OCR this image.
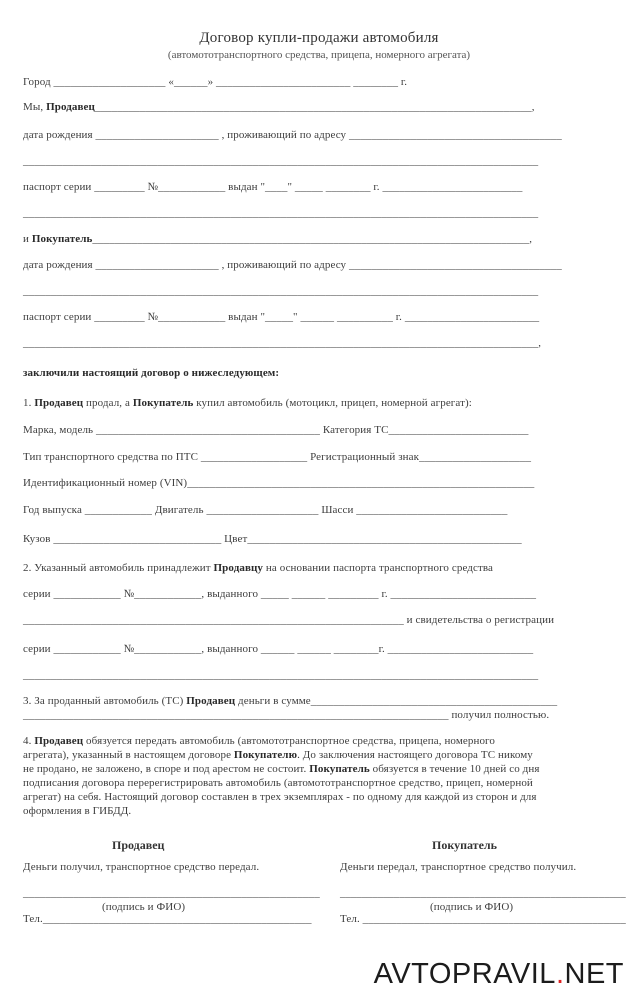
Договор купли-продажи автомобиля
(автомототранспортного средства, прицепа, номерного агрегата)
Город ____________________ «______» ________________________ ________ г.
Мы, Продавец______________________________________________________________________________,
дата рождения ______________________ , проживающий по адресу ______________________________________
____________________________________________________________________________________________
паспорт серии _________ №____________ выдан "____" _____ ________ г. _________________________
____________________________________________________________________________________________
и Покупатель______________________________________________________________________________,
дата рождения ______________________ , проживающий по адресу ______________________________________
____________________________________________________________________________________________
паспорт серии _________ №____________ выдан "_____" ______ __________ г. ________________________
____________________________________________________________________________________________,
заключили настоящий договор о нижеследующем:
1. Продавец продал, а Покупатель купил автомобиль (мотоцикл, прицеп, номерной агрегат):
Марка, модель ________________________________________ Категория ТС_________________________
Тип транспортного средства по ПТС ___________________ Регистрационный знак____________________
Идентификационный номер (VIN)______________________________________________________________
Год выпуска ____________ Двигатель ____________________ Шасси ___________________________
Кузов ______________________________ Цвет_________________________________________________
2. Указанный автомобиль принадлежит Продавцу на основании паспорта транспортного средства
серии ____________ №____________, выданного _____ ______ _________ г. __________________________
____________________________________________________________________ и свидетельства о регистрации
серии ____________ №____________, выданного ______ ______ ________г. __________________________
____________________________________________________________________________________________
3. За проданный автомобиль (ТС) Продавец деньги в сумме____________________________________________
____________________________________________________________________________ получил полностью.
4. Продавец обязуется передать автомобиль (автомототранспортное средства, прицепа, номерного
агрегата), указанный в настоящем договоре Покупателю. До заключения настоящего договора ТС никому
не продано, не заложено, в споре и под арестом не состоит. Покупатель обязуется в течение 10 дней со дня
подписания договора перерегистрировать автомобиль (автомототранспортное средство, прицеп, номерной
агрегат) на себя. Настоящий договор составлен в трех экземплярах - по одному для каждой из сторон и для
оформления в ГИБДД.
Продавец	Покупатель
Деньги получил, транспортное средство передал.	Деньги передал, транспортное средство получил.
_____________________________________________________ _____________________________________________________
(подпись и ФИО)	(подпись и ФИО)
Тел.________________________________________________	Тел. _______________________________________________
AVTOPRAVIL.NET
